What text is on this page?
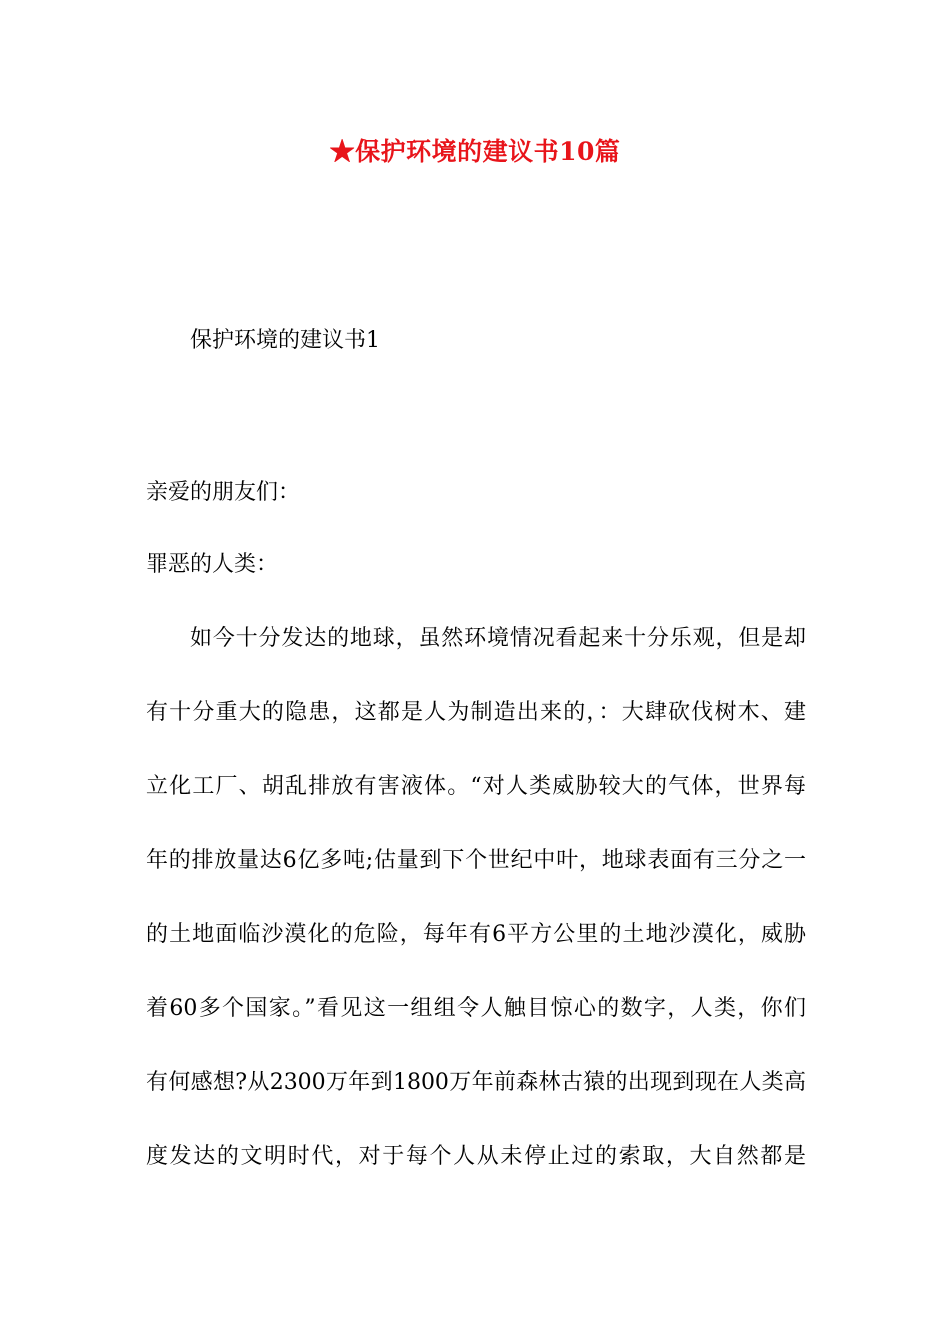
★保护环境的建议书10篇
保护环境的建议书1
亲爱的朋友们：
罪恶的人类：
如今十分发达的地球，虽然环境情况看起来十分乐观，但是却
有十分重大的隐患，这都是人为制造出来的，：大肆砍伐树木、建
立化工厂、胡乱排放有害液体。“对人类威胁较大的气体，世界每
年的排放量达6亿多吨;估量到下个世纪中叶，地球表面有三分之一
的土地面临沙漠化的危险，每年有6平方公里的土地沙漠化，威胁
着60多个国家。”看见这一组组令人触目惊心的数字，人类，你们
有何感想?从2300万年到1800万年前森林古猿的出现到现在人类高
度发达的文明时代，对于每个人从未停止过的索取，大自然都是
